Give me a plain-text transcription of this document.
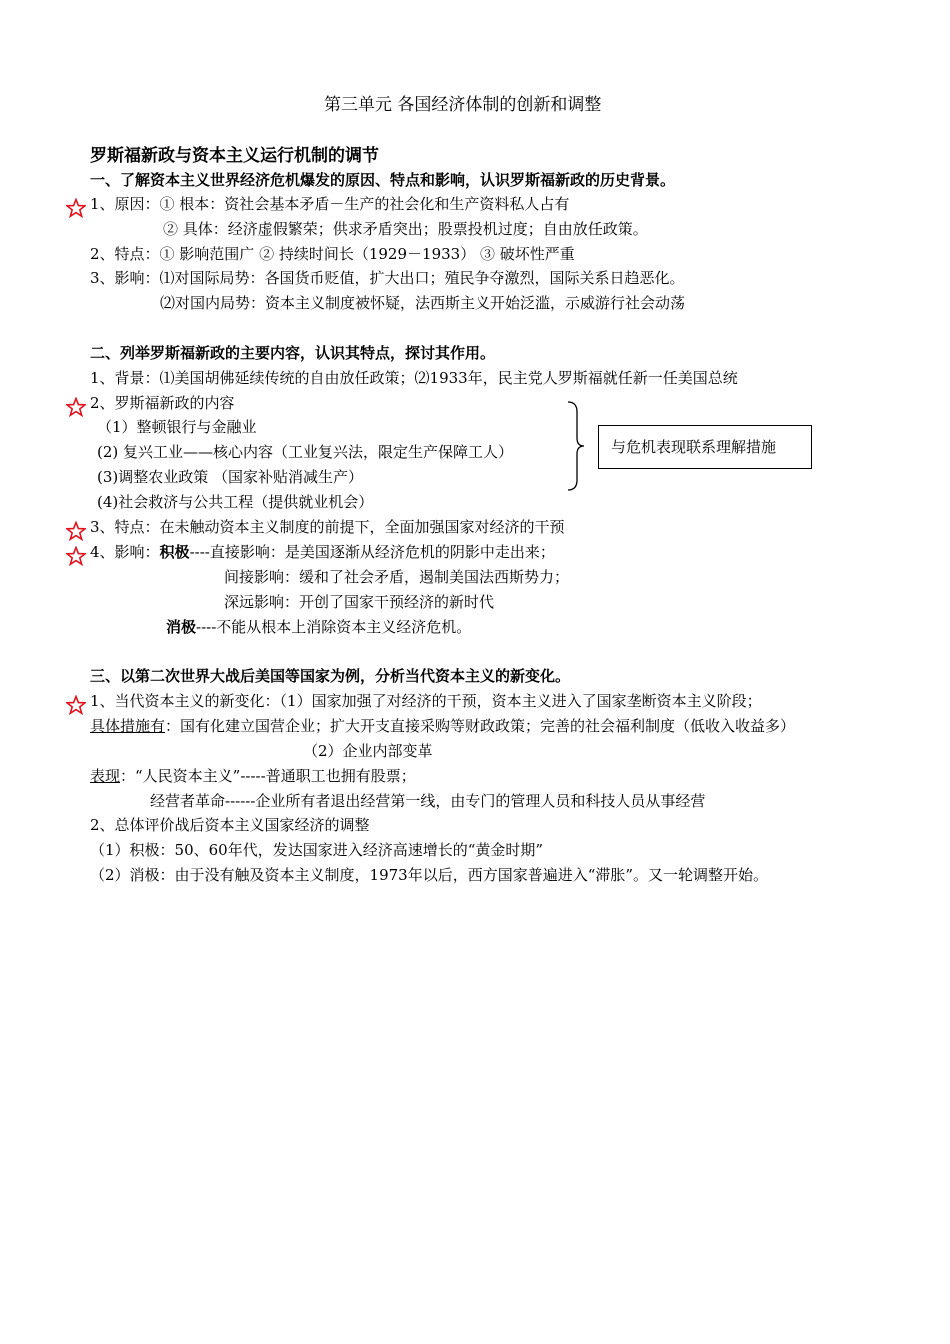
第三单元 各国经济体制的创新和调整
罗斯福新政与资本主义运行机制的调节
一、了解资本主义世界经济危机爆发的原因、特点和影响，认识罗斯福新政的历史背景。
1、原因：① 根本：资社会基本矛盾－生产的社会化和生产资料私人占有
② 具体：经济虚假繁荣；供求矛盾突出；股票投机过度；自由放任政策。
2、特点：① 影响范围广 ② 持续时间长（1929－1933） ③ 破坏性严重
3、影响：⑴对国际局势：各国货币贬值，扩大出口；殖民争夺激烈，国际关系日趋恶化。
⑵对国内局势：资本主义制度被怀疑，法西斯主义开始泛滥，示威游行社会动荡
二、列举罗斯福新政的主要内容，认识其特点，探讨其作用。
1、背景：⑴美国胡佛延续传统的自由放任政策；⑵1933年，民主党人罗斯福就任新一任美国总统
2、罗斯福新政的内容
（1）整顿银行与金融业
(2) 复兴工业——核心内容（工业复兴法，限定生产保障工人）
(3)调整农业政策 （国家补贴消减生产）
(4)社会救济与公共工程（提供就业机会）
与危机表现联系理解措施
3、特点：在未触动资本主义制度的前提下，全面加强国家对经济的干预
4、影响：积极----直接影响：是美国逐渐从经济危机的阴影中走出来；
间接影响：缓和了社会矛盾，遏制美国法西斯势力；
深远影响：开创了国家干预经济的新时代
消极----不能从根本上消除资本主义经济危机。
三、以第二次世界大战后美国等国家为例，分析当代资本主义的新变化。
1、当代资本主义的新变化：（1）国家加强了对经济的干预，资本主义进入了国家垄断资本主义阶段；
具体措施有：国有化建立国营企业；扩大开支直接采购等财政政策；完善的社会福利制度（低收入收益多）
（2）企业内部变革
表现：“人民资本主义”-----普通职工也拥有股票；
经营者革命------企业所有者退出经营第一线，由专门的管理人员和科技人员从事经营
2、总体评价战后资本主义国家经济的调整
（1）积极：50、60年代，发达国家进入经济高速增长的“黄金时期”
（2）消极：由于没有触及资本主义制度，1973年以后，西方国家普遍进入“滞胀”。又一轮调整开始。
